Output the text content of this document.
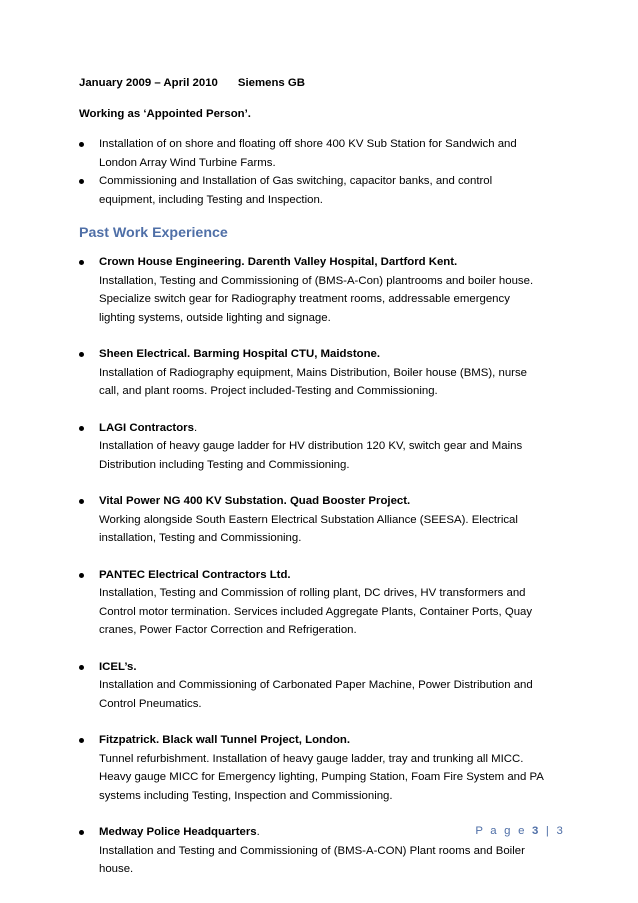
January 2009 – April 2010 Siemens GB
Working as ‘Appointed Person’.
Installation of on shore and floating off shore 400 KV Sub Station for Sandwich and
London Array Wind Turbine Farms.
Commissioning and Installation of Gas switching, capacitor banks, and control
equipment, including Testing and Inspection.
Past Work Experience
Crown House Engineering. Darenth Valley Hospital, Dartford Kent.
Installation, Testing and Commissioning of (BMS-A-Con) plantrooms and boiler house.
Specialize switch gear for Radiography treatment rooms, addressable emergency
lighting systems, outside lighting and signage.
Sheen Electrical. Barming Hospital CTU, Maidstone.
Installation of Radiography equipment, Mains Distribution, Boiler house (BMS), nurse
call, and plant rooms. Project included-Testing and Commissioning.
LAGI Contractors.
Installation of heavy gauge ladder for HV distribution 120 KV, switch gear and Mains
Distribution including Testing and Commissioning.
Vital Power NG 400 KV Substation. Quad Booster Project.
Working alongside South Eastern Electrical Substation Alliance (SEESA). Electrical
installation, Testing and Commissioning.
PANTEC Electrical Contractors Ltd.
Installation, Testing and Commission of rolling plant, DC drives, HV transformers and
Control motor termination. Services included Aggregate Plants, Container Ports, Quay
cranes, Power Factor Correction and Refrigeration.
ICEL’s.
Installation and Commissioning of Carbonated Paper Machine, Power Distribution and
Control Pneumatics.
Fitzpatrick. Black wall Tunnel Project, London.
Tunnel refurbishment. Installation of heavy gauge ladder, tray and trunking all MICC.
Heavy gauge MICC for Emergency lighting, Pumping Station, Foam Fire System and PA
systems including Testing, Inspection and Commissioning.
Medway Police Headquarters.
Installation and Testing and Commissioning of (BMS-A-CON) Plant rooms and Boiler
house.
P a g e 3 | 3
